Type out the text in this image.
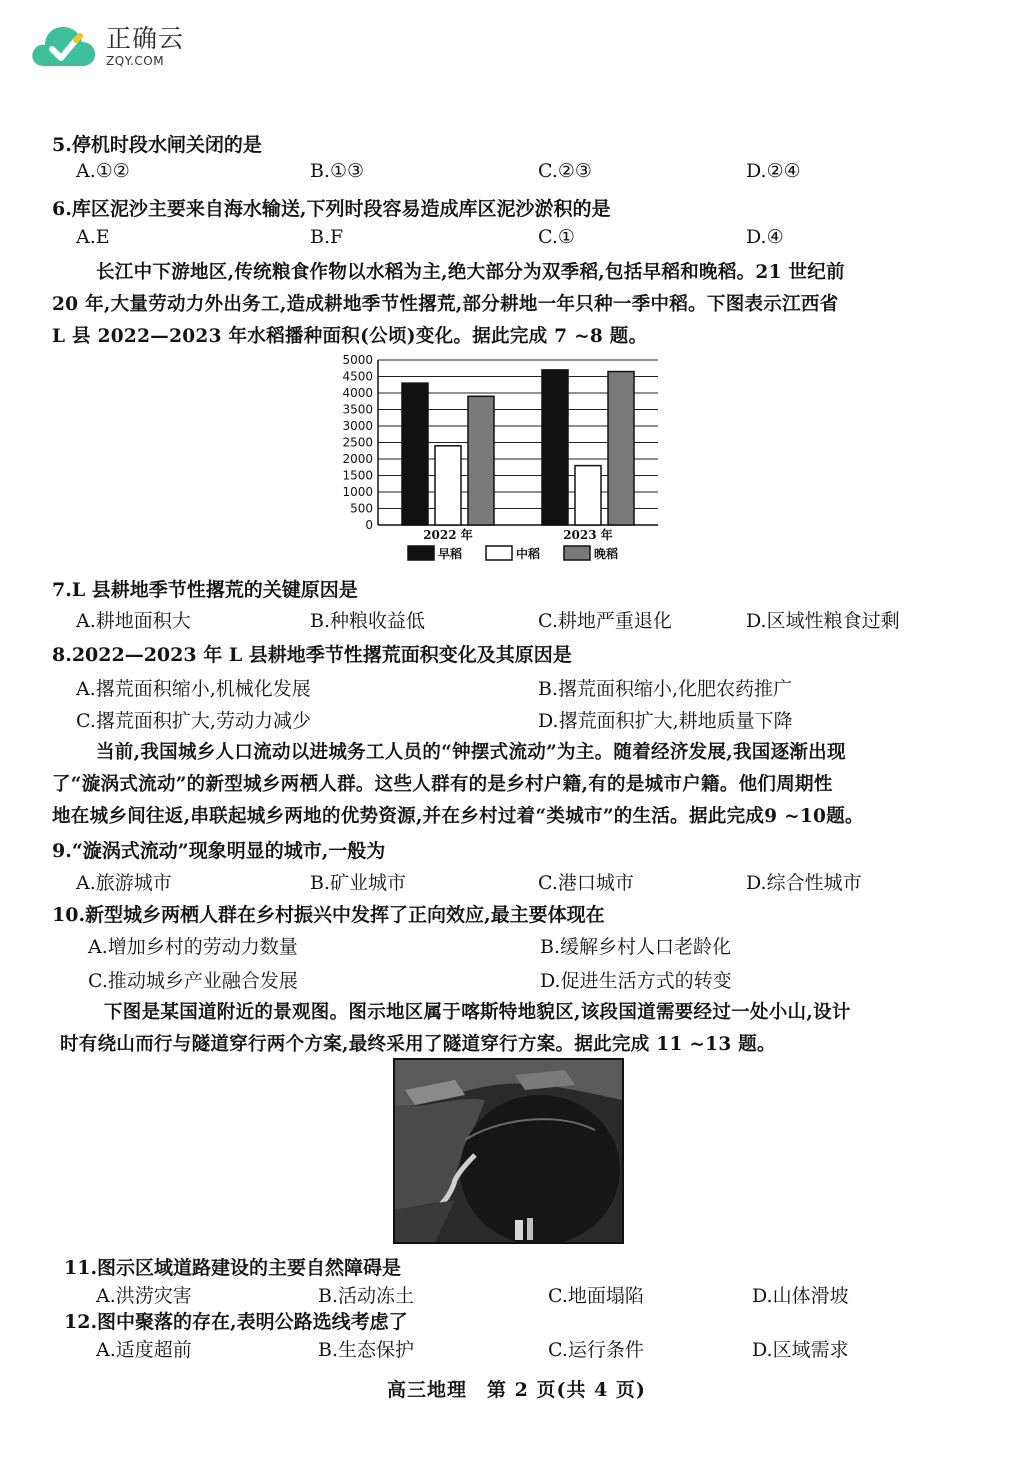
正确云
ZQY.COM
5.停机时段水闸关闭的是
A.①②	B.①③	C.②③	D.②④
6.库区泥沙主要来自海水输送,下列时段容易造成库区泥沙淤积的是
A.E	B.F	C.①	D.④
长江中下游地区,传统粮食作物以水稻为主,绝大部分为双季稻,包括早稻和晚稻。21 世纪前
20 年,大量劳动力外出务工,造成耕地季节性撂荒,部分耕地一年只种一季中稻。下图表示江西省
L 县 2022—2023 年水稻播种面积(公顷)变化。据此完成 7 ~8 题。
0
500
1000
1500
2000
2500
3000
3500
4000
4500
5000
2022 年	2023 年
早稻	中稻	晚稻
7.L 县耕地季节性撂荒的关键原因是
A.耕地面积大	B.种粮收益低	C.耕地严重退化	D.区域性粮食过剩
8.2022—2023 年 L 县耕地季节性撂荒面积变化及其原因是
A.撂荒面积缩小,机械化发展	B.撂荒面积缩小,化肥农药推广
C.撂荒面积扩大,劳动力减少	D.撂荒面积扩大,耕地质量下降
当前,我国城乡人口流动以进城务工人员的“钟摆式流动”为主。随着经济发展,我国逐渐出现
了“漩涡式流动”的新型城乡两栖人群。这些人群有的是乡村户籍,有的是城市户籍。他们周期性
地在城乡间往返,串联起城乡两地的优势资源,并在乡村过着“类城市”的生活。据此完成9 ~10题。
9.“漩涡式流动”现象明显的城市,一般为
A.旅游城市	B.矿业城市	C.港口城市	D.综合性城市
10.新型城乡两栖人群在乡村振兴中发挥了正向效应,最主要体现在
A.增加乡村的劳动力数量	B.缓解乡村人口老龄化
C.推动城乡产业融合发展	D.促进生活方式的转变
下图是某国道附近的景观图。图示地区属于喀斯特地貌区,该段国道需要经过一处小山,设计
时有绕山而行与隧道穿行两个方案,最终采用了隧道穿行方案。据此完成 11 ~13 题。
11.图示区域道路建设的主要自然障碍是
A.洪涝灾害	B.活动冻土	C.地面塌陷	D.山体滑坡
12.图中聚落的存在,表明公路选线考虑了
A.适度超前	B.生态保护	C.运行条件	D.区域需求
高三地理　第 2 页(共 4 页)
